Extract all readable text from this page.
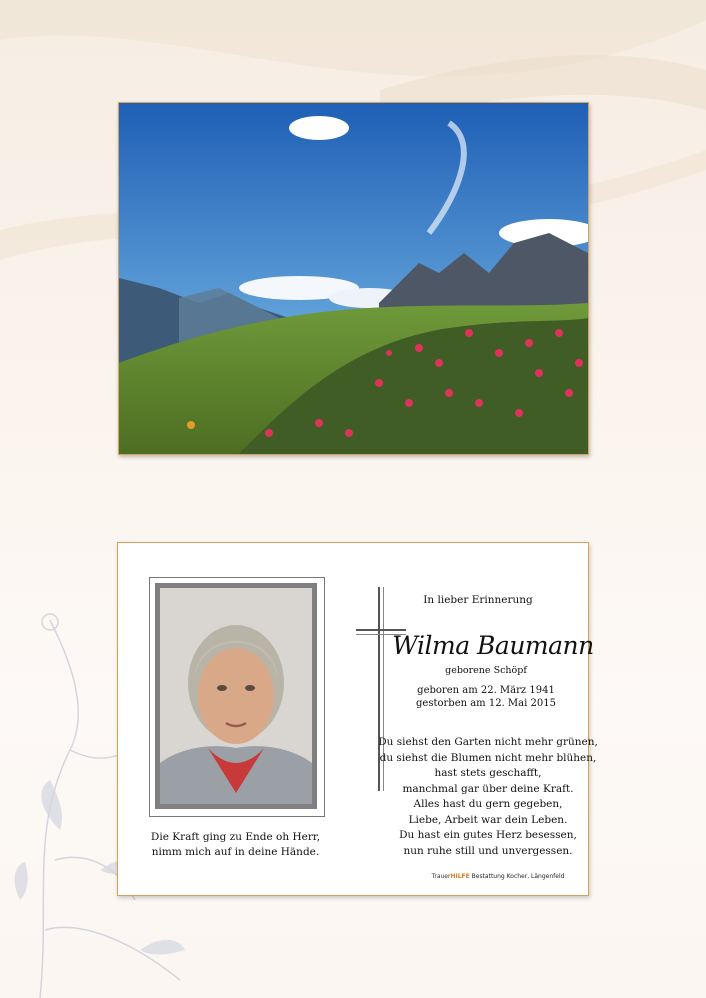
Die Kraft ging zu Ende oh Herr,
nimm mich auf in deine Hände.
In lieber Erinnerung
Wilma Baumann
geborene Schöpf
geboren am 22. März 1941
gestorben am 12. Mai 2015
Du siehst den Garten nicht mehr grünen,
du siehst die Blumen nicht mehr blühen,
hast stets geschafft,
manchmal gar über deine Kraft.
Alles hast du gern gegeben,
Liebe, Arbeit war dein Leben.
Du hast ein gutes Herz besessen,
nun ruhe still und unvergessen.
TrauerHILFE Bestattung Kocher, Längenfeld
